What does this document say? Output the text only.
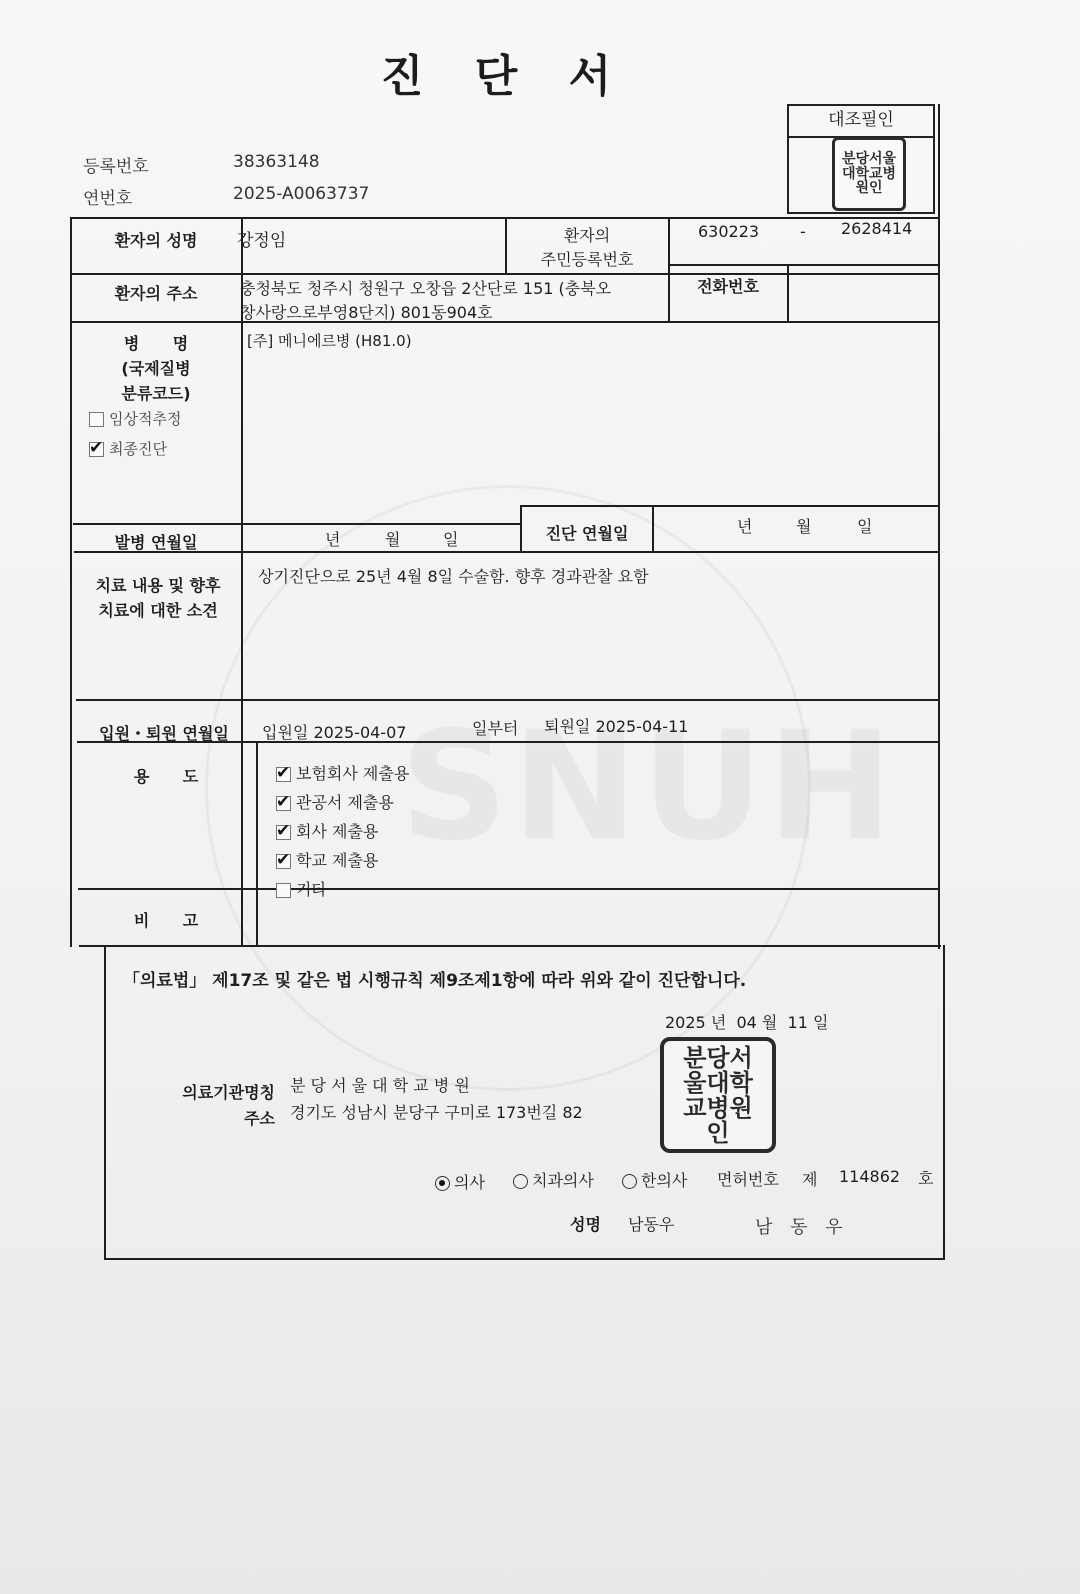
진 단 서
등록번호	38363148
연번호	2025-A0063737
대조필인
분당서울대학교병원인
환자의 성명	강정임	환자의
주민등록번호
630223	- 2628414
환자의 주소	충청북도 청주시 청원구 오창읍 2산단로 151 (충북오
창사랑으로부영8단지) 801동904호
전화번호
병      명
(국제질병
분류코드)
임상적추정
✔최종진단
[주] 메니에르병 (H81.0)
발병 연월일	년	월	일	진단 연월일	년	월	일
치료 내용 및 향후
치료에 대한 소견
상기진단으로 25년 4월 8일 수술함. 향후 경과관찰 요함
입원・퇴원 연월일	입원일 2025-04-07	일부터 퇴원일 2025-04-11
용      도
✔	보험회사 제출용
✔관공서 제출용
✔회사 제출용
✔학교 제출용
기타
비      고
「의료법」 제17조 및 같은 법 시행규칙 제9조제1항에 따라 위와 같이 진단합니다.
2025 년 04 월 11 일
분당서울대학교병원인
의료기관명칭 분 당 서 울 대 학 교 병 원
주소 경기도 성남시 분당구 구미로 173번길 82
의사	치과의사	한의사 면허번호 제 114862 호
성명 남동우	남 동 우
